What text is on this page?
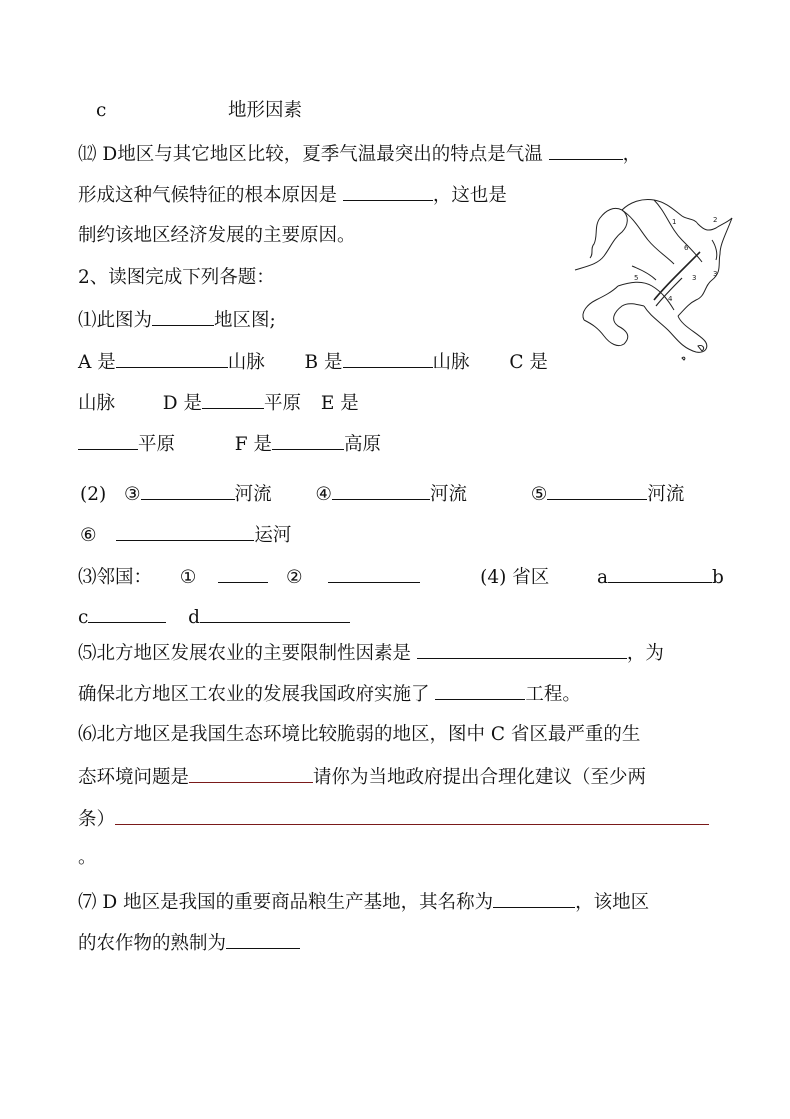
c	地形因素
⑿ D地区与其它地区比较，夏季气温最突出的特点是气温	，
形成这种气候特征的根本原因是	，这也是
制约该地区经济发展的主要原因。
2、读图完成下列各题：
⑴此图为	地区图;
A 是	山脉 B 是	山脉 C 是
山脉	D 是	平原 E 是
平原	F 是	高原
(2) ③	河流 ④	河流	⑤	河流
⑥	运河
⑶邻国： ①	②	(4) 省区	a	b
c	d
⑸北方地区发展农业的主要限制性因素是	，为
确保北方地区工农业的发展我国政府实施了	工程。
⑹北方地区是我国生态环境比较脆弱的地区，图中 C 省区最严重的生
态环境问题是	请你为当地政府提出合理化建议（至少两
条）
。
⑺ D 地区是我国的重要商品粮生产基地，其名称为	，该地区
的农作物的熟制为
1	2
3
3
4
5
6
